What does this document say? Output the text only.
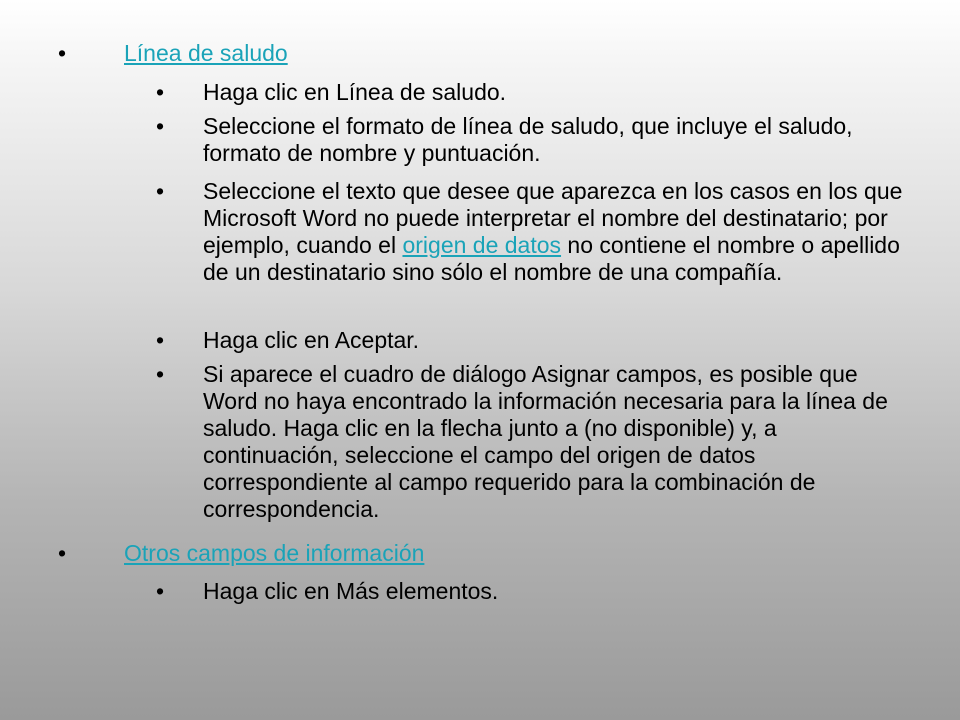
•	Línea de saludo
• Haga clic en Línea de saludo.
• Seleccione el formato de línea de saludo, que incluye el saludo, formato de nombre y puntuación.
• Seleccione el texto que desee que aparezca en los casos en los que Microsoft Word no puede interpretar el nombre del destinatario; por ejemplo, cuando el origen de datos no contiene el nombre o apellido de un destinatario sino sólo el nombre de una compañía.
• Haga clic en Aceptar.
• Si aparece el cuadro de diálogo Asignar campos, es posible que Word no haya encontrado la información necesaria para la línea de saludo. Haga clic en la flecha junto a (no disponible) y, a continuación, seleccione el campo del origen de datos correspondiente al campo requerido para la combinación de correspondencia.
•	Otros campos de información
• Haga clic en Más elementos.
